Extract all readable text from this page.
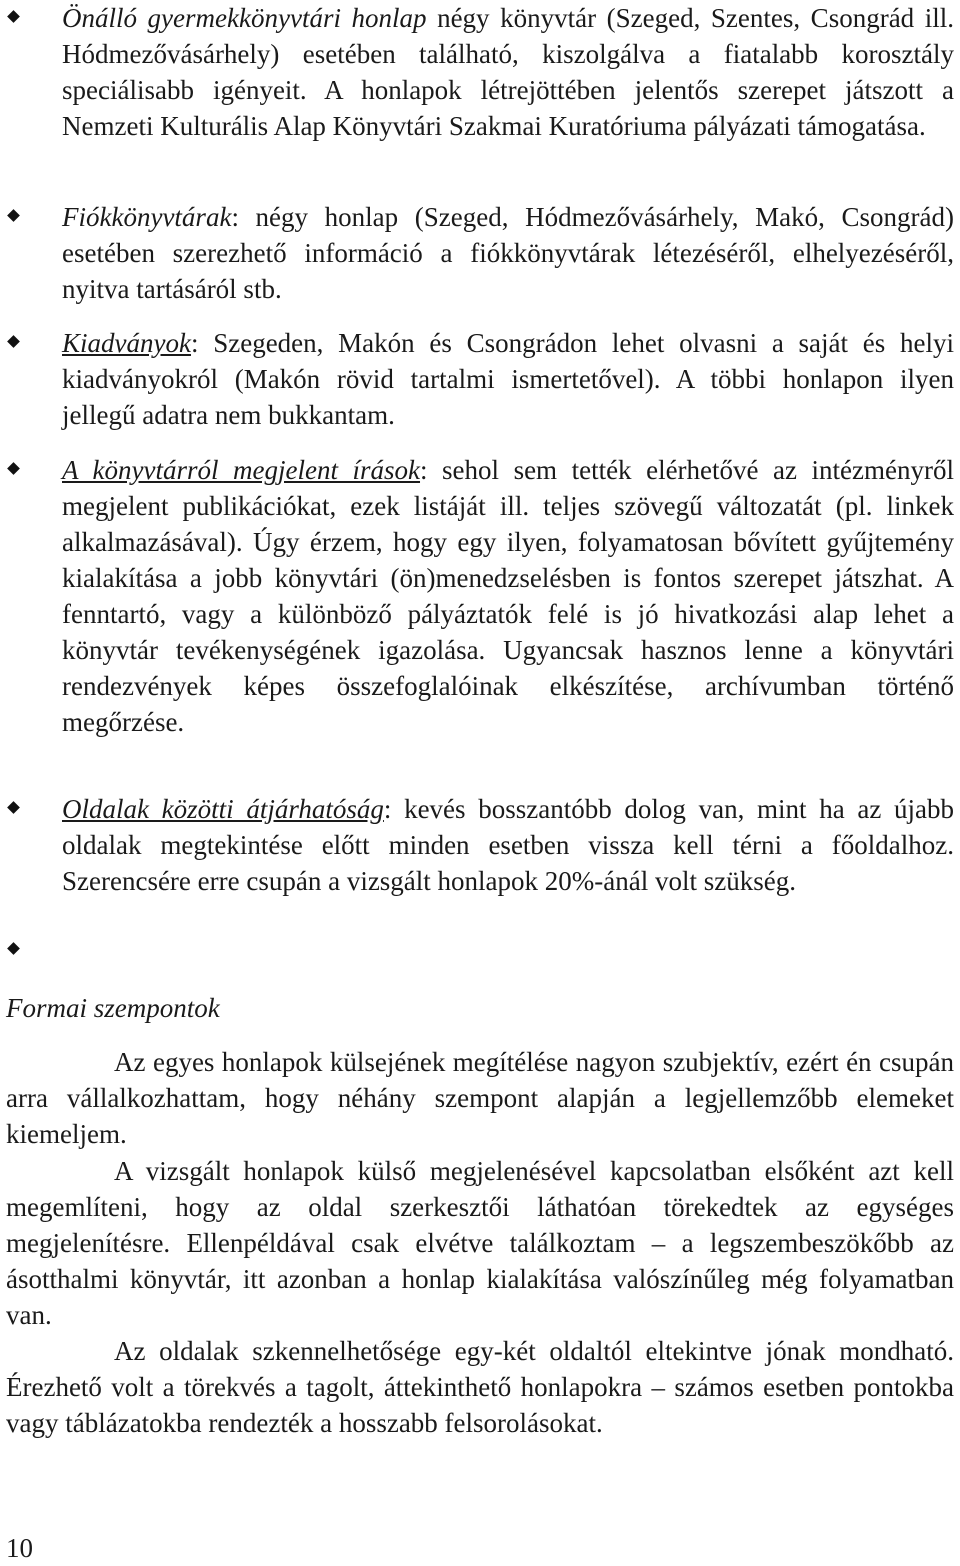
Önálló gyermekkönyvtári honlap négy könyvtár (Szeged, Szentes, Csongrád ill. Hódmezővásárhely) esetében található, kiszolgálva a fiatalabb korosztály speciálisabb igényeit. A honlapok létrejöttében jelentős szerepet játszott a Nemzeti Kulturális Alap Könyvtári Szakmai Kuratóriuma pályázati támogatása.
Fiókkönyvtárak: négy honlap (Szeged, Hódmezővásárhely, Makó, Csongrád) esetében szerezhető információ a fiókkönyvtárak létezéséről, elhelyezéséről, nyitva tartásáról stb.
Kiadványok: Szegeden, Makón és Csongrádon lehet olvasni a saját és helyi kiadványokról (Makón rövid tartalmi ismertetővel). A többi honlapon ilyen jellegű adatra nem bukkantam.
A könyvtárról megjelent írások: sehol sem tették elérhetővé az intézményről megjelent publikációkat, ezek listáját ill. teljes szövegű változatát (pl. linkek alkalmazásával). Úgy érzem, hogy egy ilyen, folyamatosan bővített gyűjtemény kialakítása a jobb könyvtári (ön)menedzselésben is fontos szerepet játszhat. A fenntartó, vagy a különböző pályáztatók felé is jó hivatkozási alap lehet a könyvtár tevékenységének igazolása. Ugyancsak hasznos lenne a könyvtári rendezvények képes összefoglalóinak elkészítése, archívumban történő megőrzése.
Oldalak közötti átjárhatóság: kevés bosszantóbb dolog van, mint ha az újabb oldalak megtekintése előtt minden esetben vissza kell térni a főoldalhoz. Szerencsére erre csupán a vizsgált honlapok 20%-ánál volt szükség.
Formai szempontok

Az egyes honlapok külsejének megítélése nagyon szubjektív, ezért én csupán arra vállalkozhattam, hogy néhány szempont alapján a legjellemzőbb elemeket kiemeljem.

A vizsgált honlapok külső megjelenésével kapcsolatban elsőként azt kell megemlíteni, hogy az oldal szerkesztői láthatóan törekedtek az egységes megjelenítésre. Ellenpéldával csak elvétve találkoztam – a legszembeszökőbb az ásotthalmi könyvtár, itt azonban a honlap kialakítása valószínűleg még folyamatban van.

Az oldalak szkennelhetősége egy-két oldaltól eltekintve jónak mondható. Érezhető volt a törekvés a tagolt, áttekinthető honlapokra – számos esetben pontokba vagy táblázatokba rendezték a hosszabb felsorolásokat.

10
